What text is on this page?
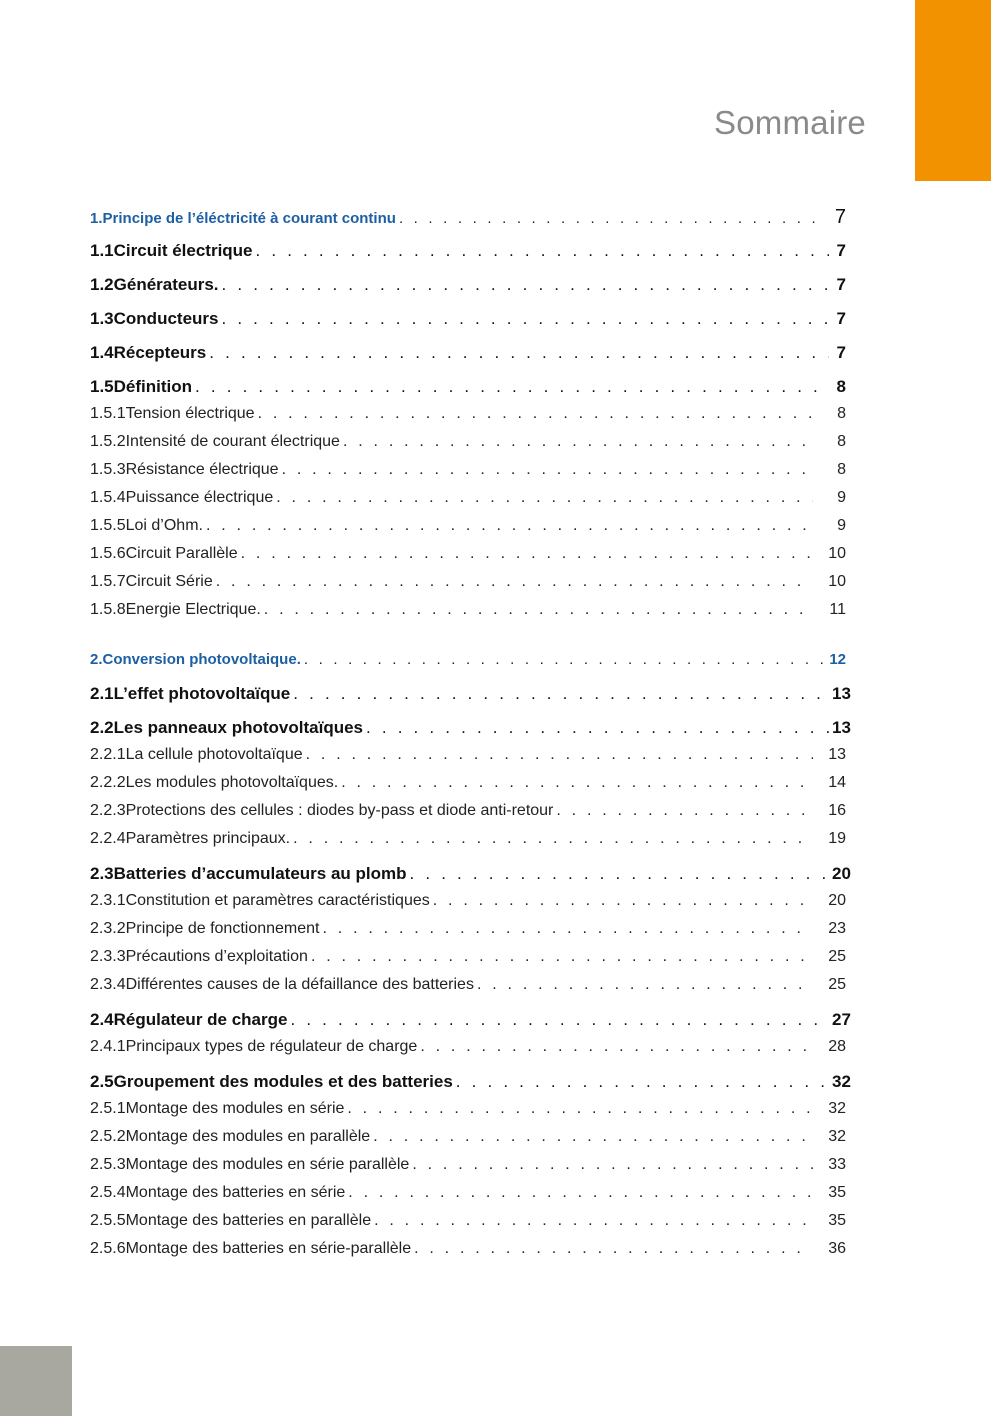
Sommaire
1. Principe de l’éléctricité à courant continu . . .	7
1.1 Circuit électrique . . .	7
1.2 Générateurs. . . .	7
1.3 Conducteurs . . .	7
1.4 Récepteurs . . .	7
1.5 Définition . . .	8
1.5.1 Tension électrique . . .	8
1.5.2 Intensité de courant électrique . . .	8
1.5.3 Résistance électrique . . .	8
1.5.4 Puissance électrique . . .	9
1.5.5 Loi d’Ohm. . . .	9
1.5.6 Circuit Parallèle . . .	10
1.5.7 Circuit Série . . .	10
1.5.8 Energie Electrique. . . .	11
2. Conversion photovoltaique. . . .	12
2.1 L’effet photovoltaïque . . .	13
2.2 Les panneaux photovoltaïques . . .	13
2.2.1 La cellule photovoltaïque . . .	13
2.2.2 Les modules photovoltaïques. . . .	14
2.2.3 Protections des cellules : diodes by-pass et diode anti-retour . . .	16
2.2.4 Paramètres principaux. . . .	19
2.3 Batteries d’accumulateurs au plomb . . .	20
2.3.1 Constitution et paramètres caractéristiques . . .	20
2.3.2 Principe de fonctionnement . . .	23
2.3.3 Précautions d’exploitation . . .	25
2.3.4 Différentes causes de la défaillance des batteries . . .	25
2.4 Régulateur de charge . . .	27
2.4.1 Principaux types de régulateur de charge . . .	28
2.5 Groupement des modules et des batteries . . .	32
2.5.1 Montage des modules en série . . .	32
2.5.2 Montage des modules en parallèle . . .	32
2.5.3 Montage des modules en série parallèle . . .	33
2.5.4 Montage des batteries en série . . .	35
2.5.5 Montage des batteries en parallèle . . .	35
2.5.6 Montage des batteries en série-parallèle . . .	36
